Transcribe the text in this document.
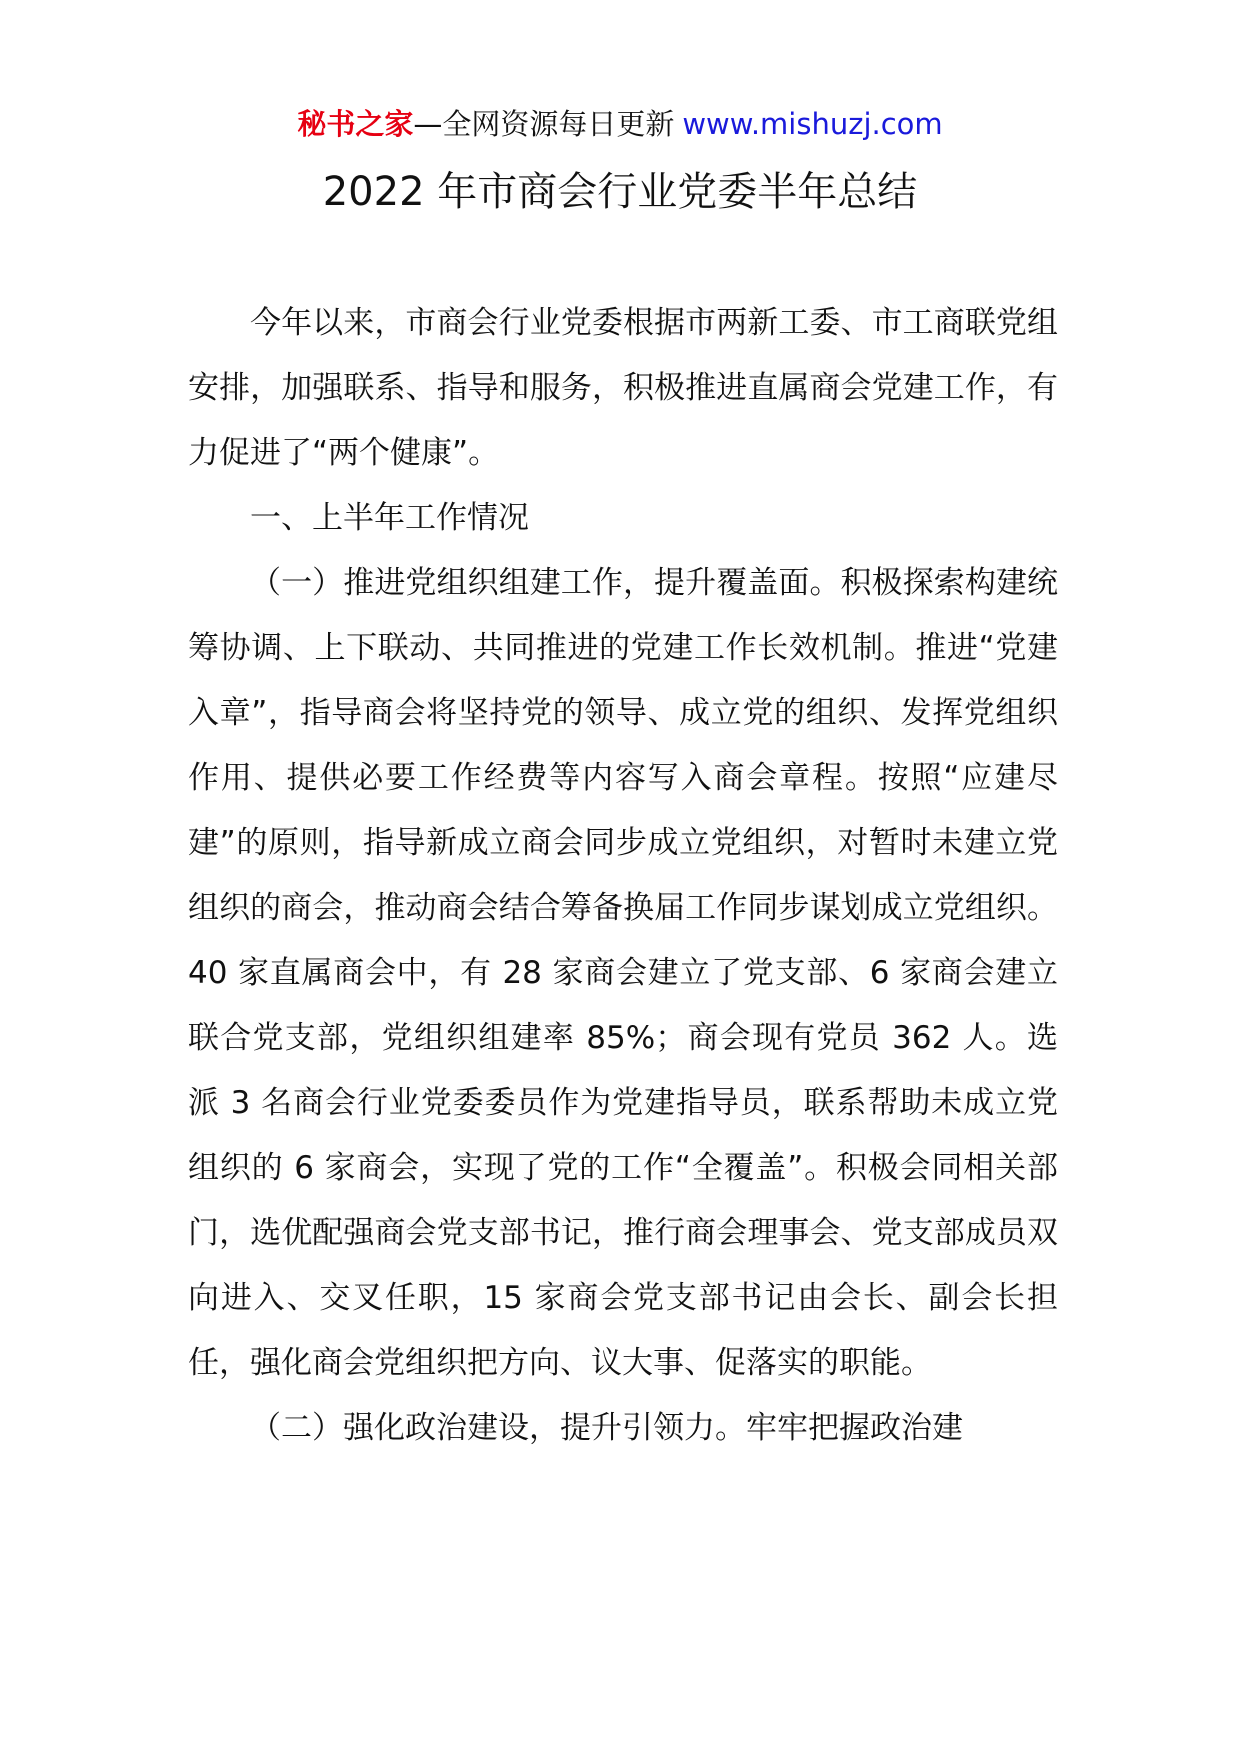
秘书之家—全网资源每日更新 www.mishuzj.com
2022 年市商会行业党委半年总结

今年以来，市商会行业党委根据市两新工委、市工商联党组安排，加强联系、指导和服务，积极推进直属商会党建工作，有力促进了“两个健康”。

一、上半年工作情况

（一）推进党组织组建工作，提升覆盖面。积极探索构建统筹协调、上下联动、共同推进的党建工作长效机制。推进“党建入章”，指导商会将坚持党的领导、成立党的组织、发挥党组织作用、提供必要工作经费等内容写入商会章程。按照“应建尽建”的原则，指导新成立商会同步成立党组织，对暂时未建立党组织的商会，推动商会结合筹备换届工作同步谋划成立党组织。40 家直属商会中，有 28 家商会建立了党支部、6 家商会建立联合党支部，党组织组建率 85%；商会现有党员 362 人。选派 3 名商会行业党委委员作为党建指导员，联系帮助未成立党组织的 6 家商会，实现了党的工作“全覆盖”。积极会同相关部门，选优配强商会党支部书记，推行商会理事会、党支部成员双向进入、交叉任职，15 家商会党支部书记由会长、副会长担任，强化商会党组织把方向、议大事、促落实的职能。

（二）强化政治建设，提升引领力。牢牢把握政治建
